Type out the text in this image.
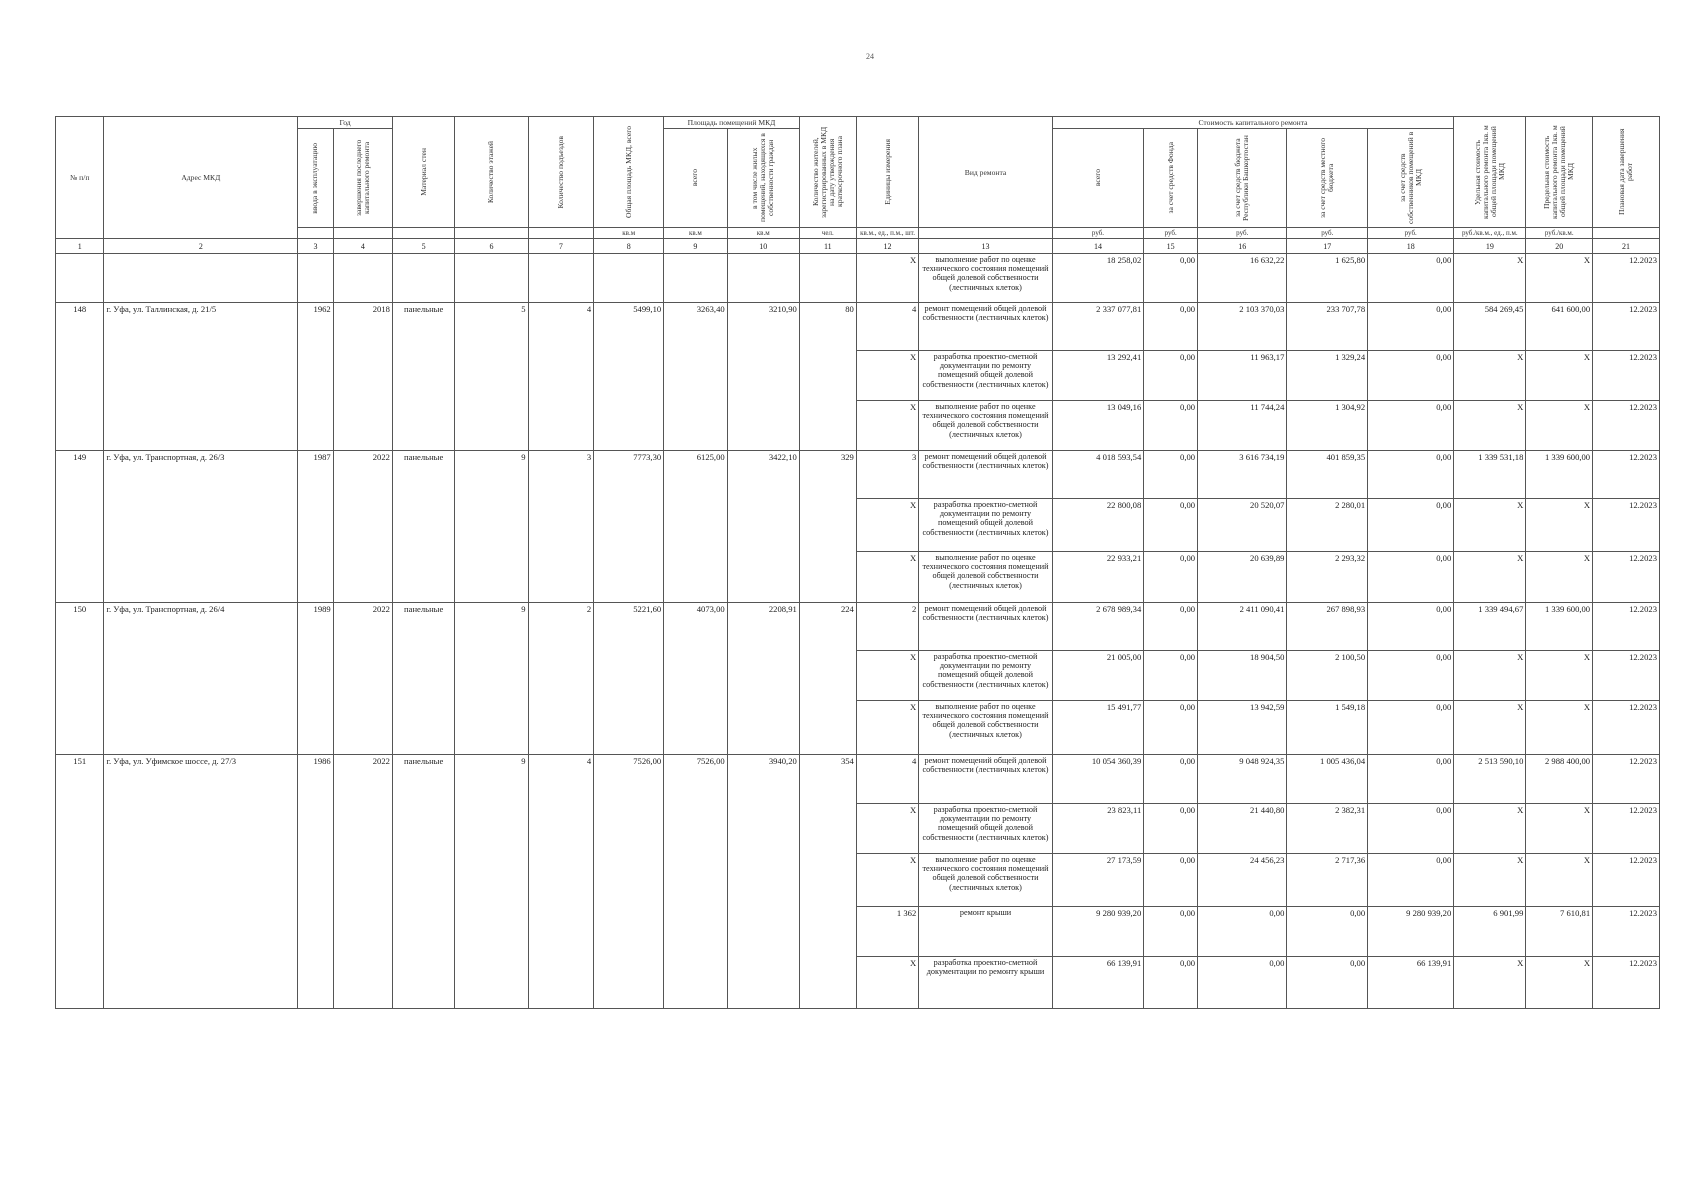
24
№ п/п	Адрес МКД	Год		Материал стен	Количество этажей	Количество подъездов	Общая площадь МКД, всего	Площадь помещений МКД		Количество жителей, зарегистрированных в МКД на дату утверждения краткосрочного плана	Единицы измерения	Вид ремонта	Стоимость капитального ремонта					Удельная стоимость капитального ремонта 1кв. м общей площади помещений МКД	Предельная стоимость капитального ремонта 1кв. м общей площади помещений МКД	Плановая дата завершения работ

		ввода в эксплуатацию	завершения последнего капитального ремонта					всего	в том числе жилых помещений, находящихся в собственности граждан				всего	за счет средств Фонда	за счет средств бюджета Республики Башкортостан	за счет средств местного бюджета	за счет средств собственников помещений в МКД			

							кв.м	кв.м	кв.м	чел.	кв.м., ед., п.м., шт.		руб.	руб.	руб.	руб.	руб.	руб./кв.м., ед., п.м.	руб./кв.м.	
1	2	3	4	5	6	7	8	9	10	11	12	13	14	15	16	17	18	19	20	21
											X	выполнение работ по оценке технического состояния помещений общей долевой собственности (лестничных клеток)	18 258,02	0,00	16 632,22	1 625,80	0,00	X	X	12.2023
148	г. Уфа, ул. Таллинская, д. 21/5	1962	2018	панельные	5	4	5499,10	3263,40	3210,90	80	4	ремонт помещений общей долевой собственности (лестничных клеток)	2 337 077,81	0,00	2 103 370,03	233 707,78	0,00	584 269,45	641 600,00	12.2023
											X	разработка проектно-сметной документации по ремонту помещений общей долевой собственности (лестничных клеток)	13 292,41	0,00	11 963,17	1 329,24	0,00	X	X	12.2023
											X	выполнение работ по оценке технического состояния помещений общей долевой собственности (лестничных клеток)	13 049,16	0,00	11 744,24	1 304,92	0,00	X	X	12.2023
149	г. Уфа, ул. Транспортная, д. 26/3	1987	2022	панельные	9	3	7773,30	6125,00	3422,10	329	3	ремонт помещений общей долевой собственности (лестничных клеток)	4 018 593,54	0,00	3 616 734,19	401 859,35	0,00	1 339 531,18	1 339 600,00	12.2023
											X	разработка проектно-сметной документации по ремонту помещений общей долевой собственности (лестничных клеток)	22 800,08	0,00	20 520,07	2 280,01	0,00	X	X	12.2023
											X	выполнение работ по оценке технического состояния помещений общей долевой собственности (лестничных клеток)	22 933,21	0,00	20 639,89	2 293,32	0,00	X	X	12.2023
150	г. Уфа, ул. Транспортная, д. 26/4	1989	2022	панельные	9	2	5221,60	4073,00	2208,91	224	2	ремонт помещений общей долевой собственности (лестничных клеток)	2 678 989,34	0,00	2 411 090,41	267 898,93	0,00	1 339 494,67	1 339 600,00	12.2023
											X	разработка проектно-сметной документации по ремонту помещений общей долевой собственности (лестничных клеток)	21 005,00	0,00	18 904,50	2 100,50	0,00	X	X	12.2023
											X	выполнение работ по оценке технического состояния помещений общей долевой собственности (лестничных клеток)	15 491,77	0,00	13 942,59	1 549,18	0,00	X	X	12.2023
151	г. Уфа, ул. Уфимское шоссе, д. 27/3	1986	2022	панельные	9	4	7526,00	7526,00	3940,20	354	4	ремонт помещений общей долевой собственности (лестничных клеток)	10 054 360,39	0,00	9 048 924,35	1 005 436,04	0,00	2 513 590,10	2 988 400,00	12.2023
											X	разработка проектно-сметной документации по ремонту помещений общей долевой собственности (лестничных клеток)	23 823,11	0,00	21 440,80	2 382,31	0,00	X	X	12.2023
											X	выполнение работ по оценке технического состояния помещений общей долевой собственности (лестничных клеток)	27 173,59	0,00	24 456,23	2 717,36	0,00	X	X	12.2023
											1 362	ремонт крыши	9 280 939,20	0,00	0,00	0,00	9 280 939,20	6 901,99	7 610,81	12.2023
											X	разработка проектно-сметной документации по ремонту крыши	66 139,91	0,00	0,00	0,00	66 139,91	X	X	12.2023
